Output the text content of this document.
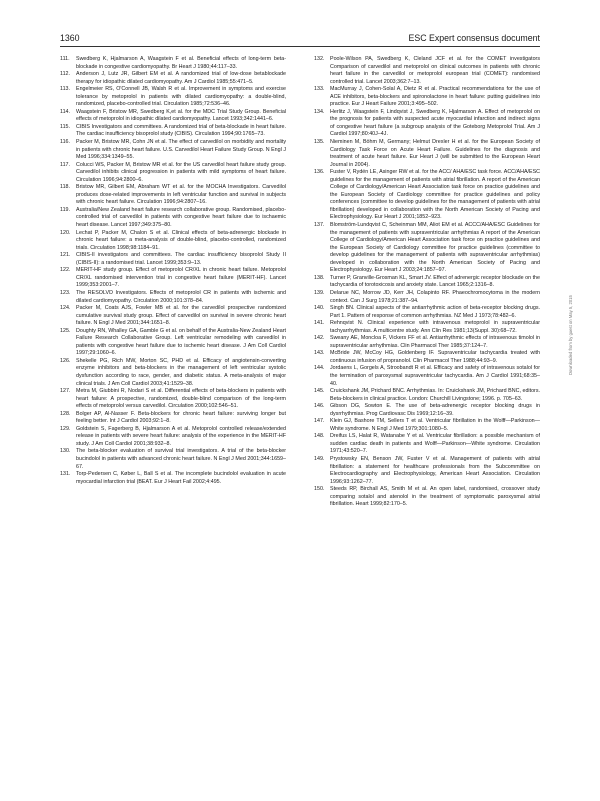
1360	ESC Expert consensus document
111. Swedberg K, Hjalmarson A, Waagstein F et al. Beneficial effects of long-term beta-blockade in congestive cardiomyopathy. Br Heart J 1980;44:117–33.
112. Anderson J, Lutz JR, Gilbert EM et al. A randomized trial of low-dose betablockade therapy for idiopathic dilated cardiomyopathy. Am J Cardiol 1985;55:471–5.
113. Engelmeier RS, O'Connell JB, Walsh R et al. Improvement in symptoms and exercise tolerance by metoprolol in patients with dilated cardiomyopathy: a double-blind, randomized, placebo-controlled trial. Circulation 1985;72:536–46.
114. Waagstein F, Bristow MR, Swedberg K,et al. for the MDC Trial Study Group. Beneficial effects of metoprolol in idiopathic dilated cardiomyopathy. Lancet 1993;342:1441–6.
115. CIBIS Investigators and committees. A randomized trial of beta-blockade in heart failure. The cardiac insufficiency bisoprolol study (CIBIS). Circulation 1994;90:1765–73.
116. Packer M, Bristow MR, Cohn JN et al. The effect of carvedilol on morbidity and mortality in patients with chronic heart failure. U.S. Carvedilol Heart Failure Study Group. N Engl J Med 1996;334:1349–55.
117. Colucci WS, Packer M, Bristow MR et al. for the US carvedilol heart failure study group. Carvedilol inhibits clinical progression in patients with mild symptoms of heart failure. Circulation 1996;94:2800–6.
118. Bristow MR, Gilbert EM, Abraham WT et al. for the MOCHA Investigators. Carvedilol produces dose-related improvements in left ventricular function and survival in subjects with chronic heart failure. Circulation 1996;94:2807–16.
119. Australia/New Zealand heart failure research collaborative group. Randomised, placebo-controlled trial of carvedilol in patients with congestive heart failure due to ischaemic heart disease. Lancet 1997;349:375–80.
120. Lechat P, Packer M, Chalon S et al. Clinical effects of beta-adrenergic blockade in chronic heart failure: a meta-analysis of double-blind, placebo-controlled, randomized trials. Circulation 1998;98:1184–91.
121. CIBIS-II investigators and committees. The cardiac insufficiency bisoprolol Study II (CIBIS-II): a randomised trial. Lancet 1999;353:9–13.
122. MERIT-HF study group. Effect of metoprolol CR/XL in chronic heart failure. Metoprolol CR/XL randomised intervention trial in congestive heart failure (MERIT-HF). Lancet 1999;353:2001–7.
123. The RESOLVD Investigators. Effects of metoprolol CR in patients with ischemic and dilated cardiomyopathy. Circulation 2000;101:378–84.
124. Packer M, Coats AJS, Fowler MB et al. for the carvedilol prospective randomized cumulative survival study group. Effect of carvedilol on survival in severe chronic heart failure. N Engl J Med 2001;344:1651–8.
125. Doughty RN, Whalley GA, Gamble G et al. on behalf of the Australia-New Zealand Heart Failure Research Collaborative Group. Left ventricular remodeling with carvedilol in patients with congestive heart failure due to ischemic heart disease. J Am Coll Cardiol 1997;29:1060–6.
126. Shekelle PG, Rich MW, Morton SC, PHD et al. Efficacy of angiotensin-converting enzyme inhibitors and beta-blockers in the management of left ventricular systolic dysfunction according to race, gender, and diabetic status. A meta-analysis of major clinical trials. J Am Coll Cardiol 2003;41:1529–38.
127. Metra M, Giubbini R, Nodari S et al. Differential effects of beta-blockers in patients with heart failure: A prospective, randomized, double-blind comparison of the long-term effects of metoprolol versus carvedilol. Circulation 2000;102:546–51.
128. Bolger AP, Al-Nasser F. Beta-blockers for chronic heart failure: surviving longer but feeling better. Int J Cardiol 2003;92:1–8.
129. Goldstein S, Fagerberg B, Hjalmarson A et al. Metoprolol controlled release/extended release in patients with severe heart failure: analysis of the experience in the MERIT-HF study. J Am Coll Cardiol 2001;38:932–8.
130. The beta-blocker evaluation of survival trial investigators. A trial of the beta-blocker bucindolol in patients with advanced chronic heart failure. N Engl J Med 2001;344:1659–67.
131. Torp-Pedersen C, Køber L, Ball S et al. The incomplete bucindolol evaluation in acute myocardial infarction trial (BEAT. Eur J Heart Fail 2002;4:495.
132. Poole-Wilson PA, Swedberg K, Cleland JCF et al. for the COMET investigators Comparison of carvedilol and metoprolol on clinical outcomes in patients with chronic heart failure in the carvedilol or metoprolol european trial (COMET): randomised controlled trial. Lancet 2003;362:7–13.
133. MacMurray J, Cohen-Solal A, Dietz R et al. Practical recommendations for the use of ACE inhibitors, beta-blockers and spironolactone in heart failure: putting guidelines into practice. Eur J Heart Failure 2001;3:495–502.
134. Herlitz J, Waagstein F, Lindqvist J, Swedberg K, Hjalmarson A. Effect of metoprolol on the prognosis for patients with suspected acute myocardial infarction and indirect signs of congestive heart failure (a subgroup analysis of the Goteborg Metoprolol Trial. Am J Cardiol 1997;80:40J–4J.
135. Nieminen M, Böhm M, Germany; Helmut Drexler H et al. for the European Society of Cardiology Task Force on Acute Heart Failure. Guidelines for the diagnosis and treatment of acute heart failure. Eur Heart J (will be submitted to the European Heart Journal in 2004).
136. Fuster V, Rydén LE, Asinger RW et al. for the ACC/ AHA/ESC task force. ACC/AHA/ESC guidelines for the management of patients with atrial fibrillation. A report of the American College of Cardiology/American Heart Association task force on practice guidelines and the European Society of Cardiology committee for practice guidelines and policy conferences (committee to develop guidelines for the management of patients with atrial fibrillation) developed in collaboration with the North American Society of Pacing and Electrophysiology. Eur Heart J 2001;1852–923.
137. Blomström-Lundqvist C, Scheinman MM, Aliot EM et al. ACCC/AHA/ESC Guidelines for the management of patients with supraventricular arrhythmias A report of the American College of Cardiology/American Heart Association task force on practice guidelines and the European Society of Cardiology committee for practice guidelines (committee to develop guidelines for the management of patients with supraventricular arrhythmias) developed in collaboration with the North American Society of Pacing and Electrophysiology. Eur Heart J 2003;24:1857–97.
138. Turner P, Granville-Grosman KL, Smart JV. Effect of adrenergic receptor blockade on the tachycardia of torotoxicosis and anxiety state. Lancet 1965;2:1316–8.
139. Delarue NC, Morrow JD, Kerr JH, Colapinto RF. Phaeochromocytoma in the modern context. Can J Surg 1978;21:387–94.
140. Singh BN. Clinical aspects of the antiarrhythmic action of beta-receptor blocking drugs. Part 1. Pattern of response of common arrhythmias. NZ Med J 1973;78:482–6.
141. Rehnqvist N. Clinical experience with intravenous metoprolol in supraventricular tachyarrhythmias. A multicentre study. Ann Clin Res 1981;13(Suppl. 30):68–72.
142. Sweany AE, Moncloa F, Vickers FF et al. Antiarrhythmic effects of intravenous timolol in supraventricular arrhythmias. Clin Pharmacol Ther 1985;37:124–7.
143. McBride JW, McCoy HG, Goldenberg IF. Supraventricular tachycardia treated with continuous infusion of propranolol. Clin Pharmacol Ther 1988;44:93–9.
144. Jordaens L, Gorgels A, Stroobandt R et al. Efficacy and safety of intravenous sotalol for the termination of paroxysmal supraventricular tachycardia. Am J Cardiol 1991;68:35–40.
145. Cruickshank JM, Prichard BNC. Arrhythmias. In: Cruickshank JM, Prichard BNC, editors. Beta-blockers in clinical practice. London: Churchill Livingstone; 1996. p. 705–63.
146. Gibson DG, Sowton E. The use of beta-adrenergic receptor blocking drugs in dysrrhythmias. Prog Cardiovasc Dis 1969;12:16–39.
147. Klein GJ, Bashore TM, Sellers T et al. Ventricular fibrillation in the Wolff—Parkinson—White syndrome. N Engl J Med 1979;301:1080–5.
148. Dreifus LS, Halat R, Watanabe Y et al. Ventricular fibrillation: a possible mechanism of sudden cardiac death in patients and Wolff—Parkinson—White syndrome. Circulation 1971;43:520–7.
149. Prystowsky EN, Benson JW, Fuster V et al. Management of patients with atrial fibrillation: a statement for healthcare professionals from the Subcommittee on Electrocardiography and Electrophysiology, American Heart Association. Circulation 1996;93:1262–77.
150. Steeds RP, Birchall AS, Smith M et al. An open label, randomised, crossover study comparing sotalol and atenolol in the treatment of symptomatic paroxysmal atrial fibrillation. Heart 1999;82:170–5.
Downloaded from by guest on May 5, 2015
